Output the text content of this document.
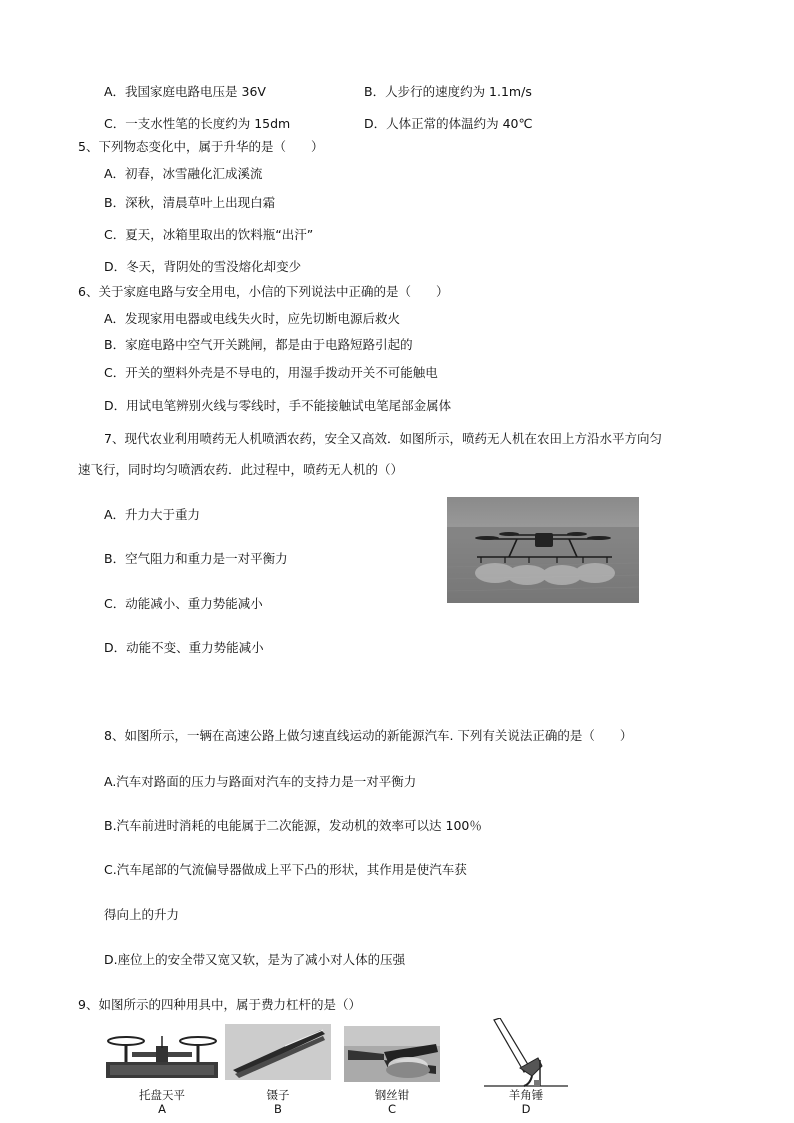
A．我国家庭电路电压是 36V	B．人步行的速度约为 1.1m/s
C．一支水性笔的长度约为 15dm	D．人体正常的体温约为 40℃
5、下列物态变化中，属于升华的是（　　）
A．初春，冰雪融化汇成溪流
B．深秋，清晨草叶上出现白霜
C．夏天，冰箱里取出的饮料瓶“出汗”
D．冬天，背阴处的雪没熔化却变少
6、关于家庭电路与安全用电，小信的下列说法中正确的是（　　）
A．发现家用电器或电线失火时，应先切断电源后救火
B．家庭电路中空气开关跳闸，都是由于电路短路引起的
C．开关的塑料外壳是不导电的，用湿手拨动开关不可能触电
D．用试电笔辨别火线与零线时，手不能接触试电笔尾部金属体
7、现代农业利用喷药无人机喷洒农药，安全又高效．如图所示，喷药无人机在农田上方沿水平方向匀
速飞行，同时均匀喷洒农药．此过程中，喷药无人机的（）
A．升力大于重力
B．空气阻力和重力是一对平衡力
C．动能减小、重力势能减小
D．动能不变、重力势能减小
8、如图所示，一辆在高速公路上做匀速直线运动的新能源汽车. 下列有关说法正确的是（　　）
A.汽车对路面的压力与路面对汽车的支持力是一对平衡力
B.汽车前进时消耗的电能属于二次能源，发动机的效率可以达 100％
C.汽车尾部的气流偏导器做成上平下凸的形状，其作用是使汽车获
得向上的升力
D.座位上的安全带又宽又软，是为了减小对人体的压强
9、如图所示的四种用具中，属于费力杠杆的是（）
托盘天平
A
镊子
B
钢丝钳
C
羊角锤
D
